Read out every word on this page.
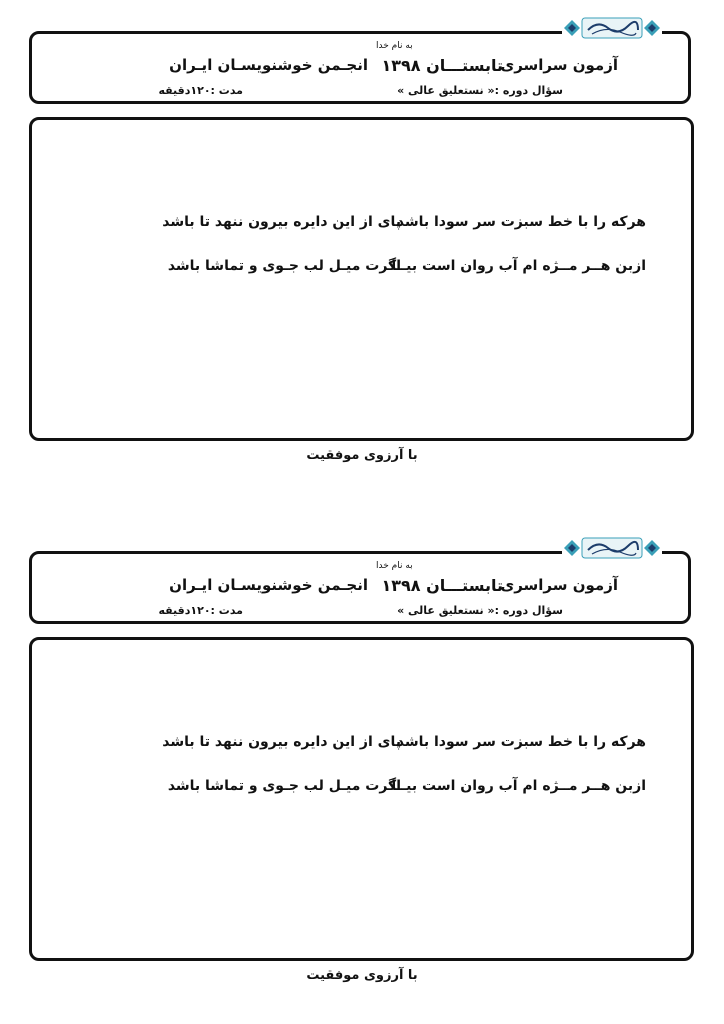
به نام خدا
آزمون سراسری
تابستـــان ۱۳۹۸
انجـمن خوشنویسـان ایـران
سؤال دوره :« نستعلیق عالی »
مدت :۱۲۰دقیقه
هرکه را با خط سبزت سر سودا باشد
پای از این دایره بیرون ننهد تا باشد
ازبن هــر مــژه ام آب روان است بیــا
اگرت میـل لب جـوی و تماشا باشد
با آرزوی موفقیت
به نام خدا
آزمون سراسری
تابستـــان ۱۳۹۸
انجـمن خوشنویسـان ایـران
سؤال دوره :« نستعلیق عالی »
مدت :۱۲۰دقیقه
هرکه را با خط سبزت سر سودا باشد
پای از این دایره بیرون ننهد تا باشد
ازبن هــر مــژه ام آب روان است بیــا
اگرت میـل لب جـوی و تماشا باشد
با آرزوی موفقیت
